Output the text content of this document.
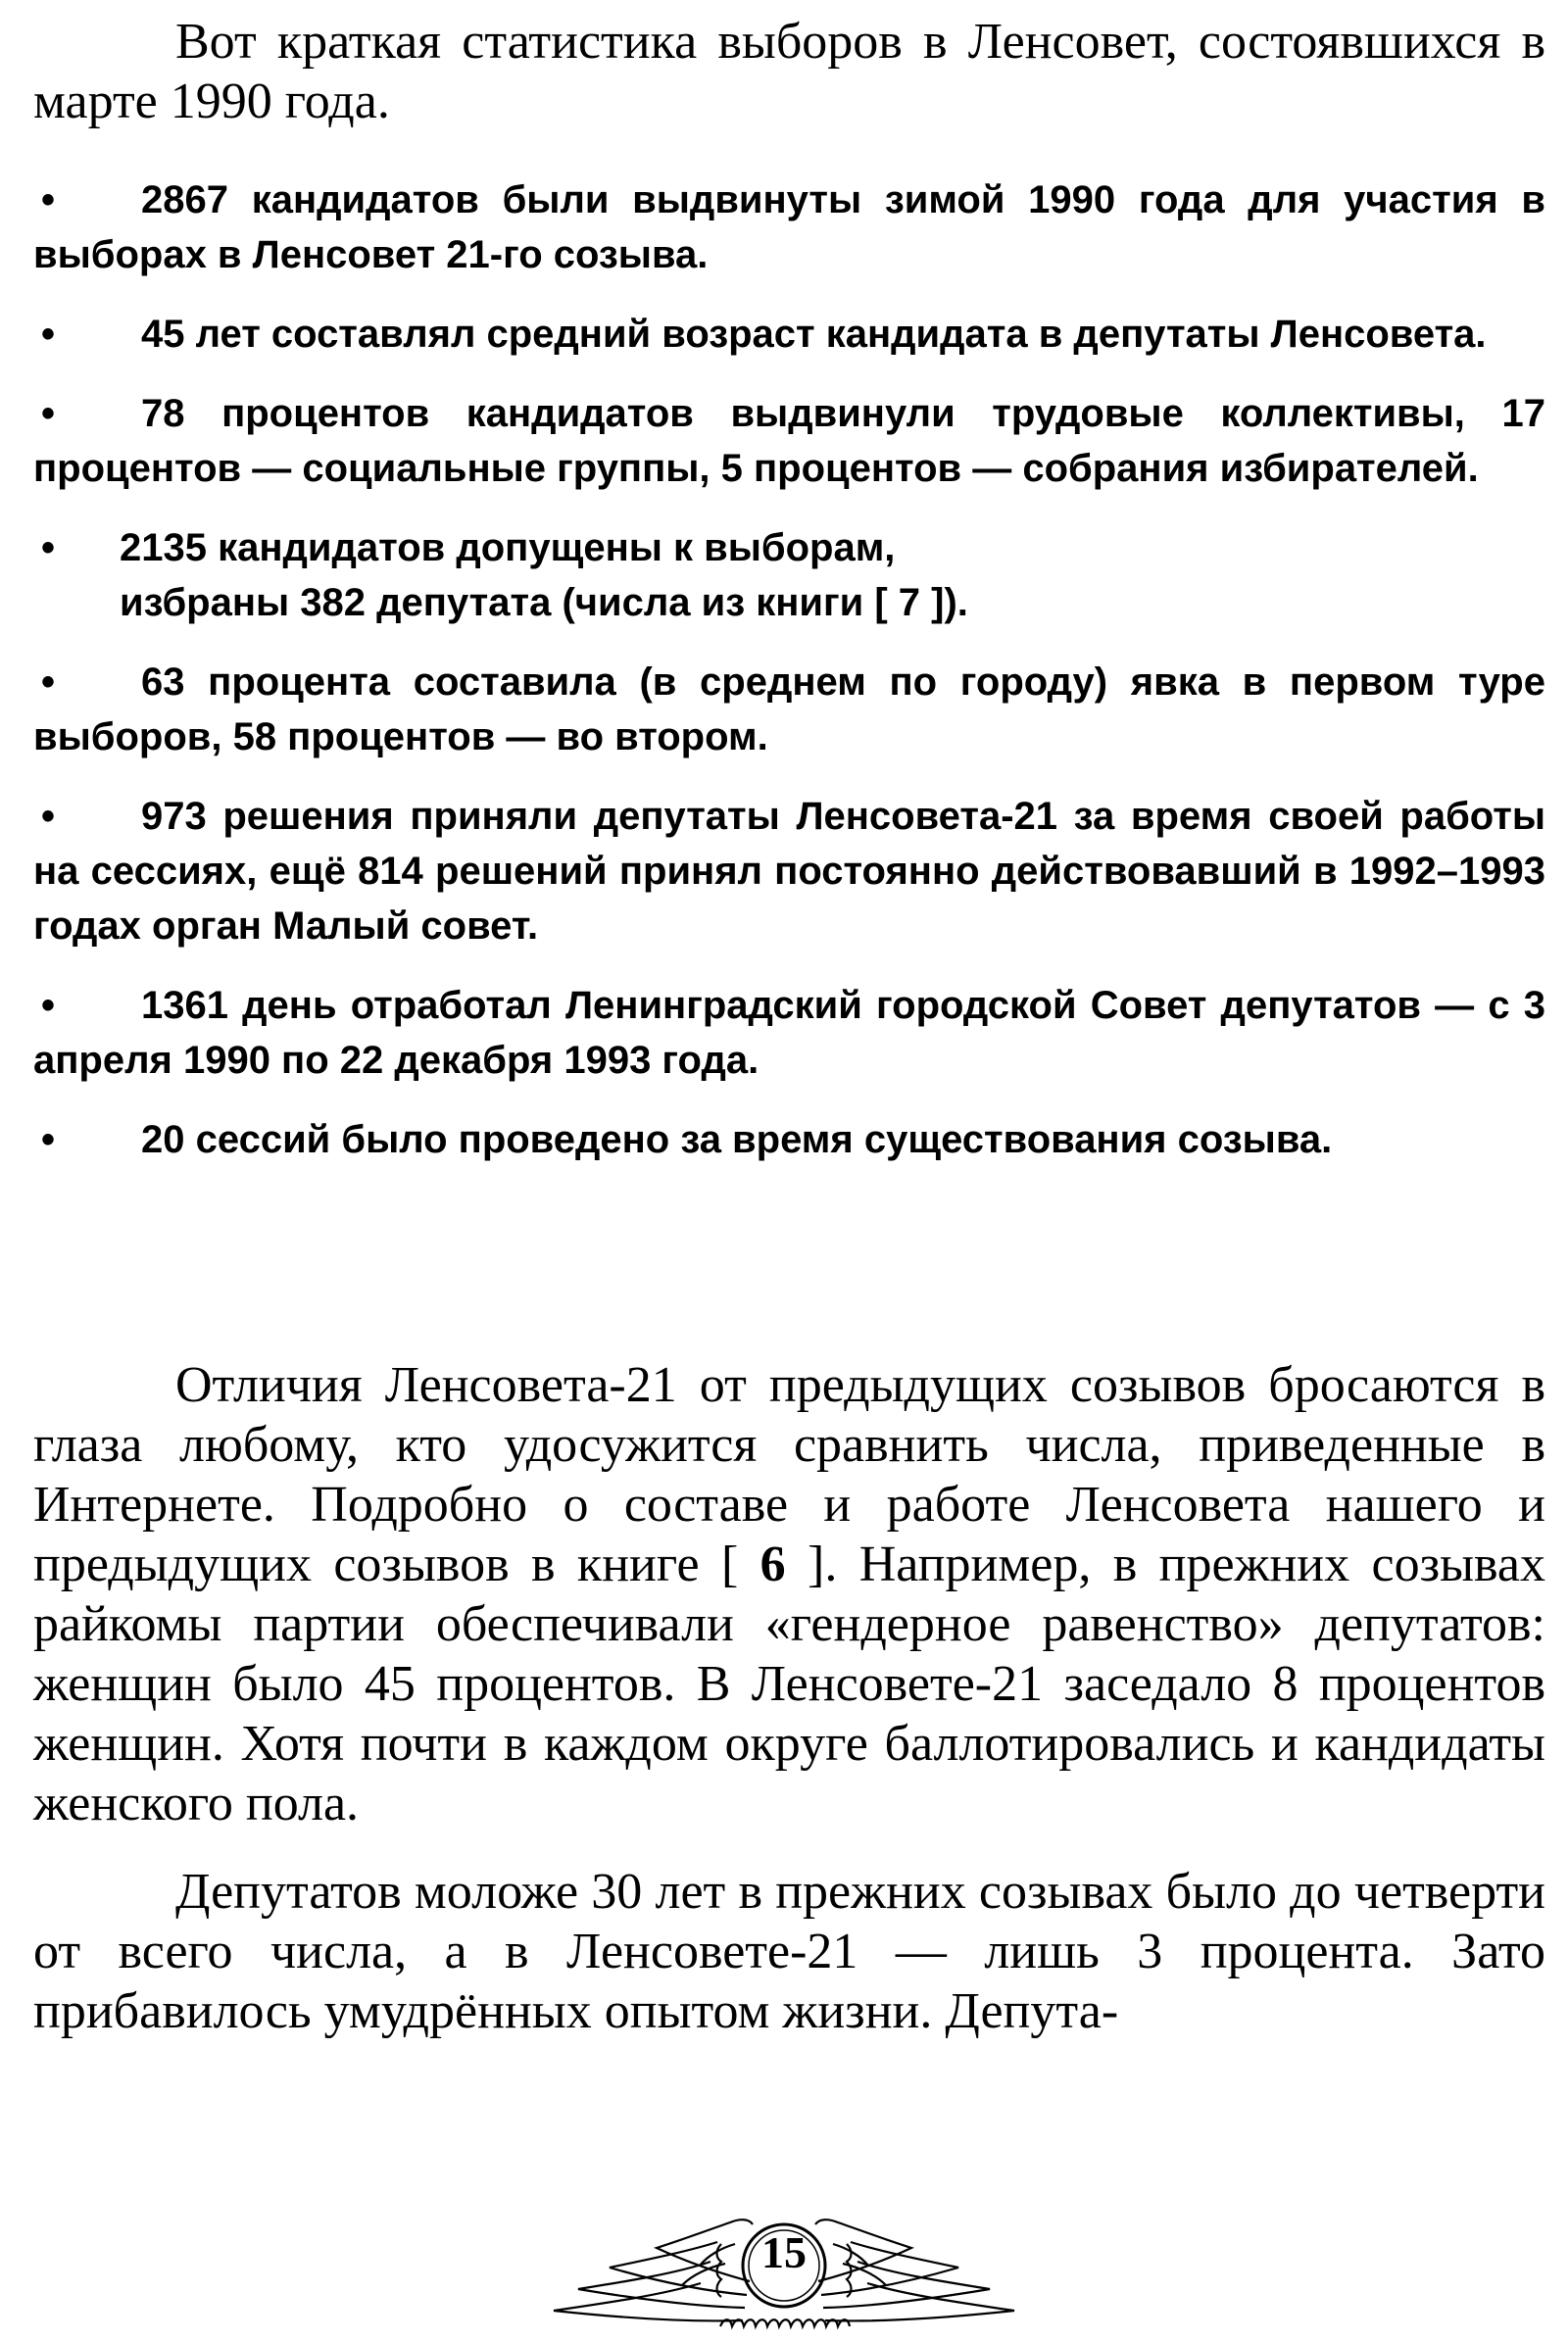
Вот краткая статистика выборов в Ленсовет, состоявшихся в марте 1990 года.

• 2867 кандидатов были выдвинуты зимой 1990 года для участия в выборах в Ленсовет 21-го созыва.

• 45 лет составлял средний возраст кандидата в депутаты Ленсовета.

• 78 процентов кандидатов выдвинули трудовые коллективы, 17 процентов — социальные группы, 5 процентов — собрания избирателей.

• 2135 кандидатов допущены к выборам,
избраны 382 депутата (числа из книги [ 7 ]).

• 63 процента составила (в среднем по городу) явка в первом туре выборов, 58 процентов — во втором.

• 973 решения приняли депутаты Ленсовета-21 за время своей работы на сессиях, ещё 814 решений принял постоянно действовавший в 1992–1993 годах орган Малый совет.

• 1361 день отработал Ленинградский городской Совет депутатов — с 3 апреля 1990 по 22 декабря 1993 года.

• 20 сессий было проведено за время существования созыва.

Отличия Ленсовета-21 от предыдущих созывов бросаются в глаза любому, кто удосужится сравнить числа, приведенные в Интернете. Подробно о составе и работе Ленсовета нашего и предыдущих созывов в книге [ 6 ]. Например, в прежних созывах райкомы партии обеспечивали «гендерное равенство» депутатов: женщин было 45 процентов. В Ленсовете-21 заседало 8 процентов женщин. Хотя почти в каждом округе баллотировались и кандидаты женского пола.

Депутатов моложе 30 лет в прежних созывах было до четверти от всего числа, а в Ленсовете-21 — лишь 3 процента. Зато прибавилось умудрённых опытом жизни. Депута-

15
